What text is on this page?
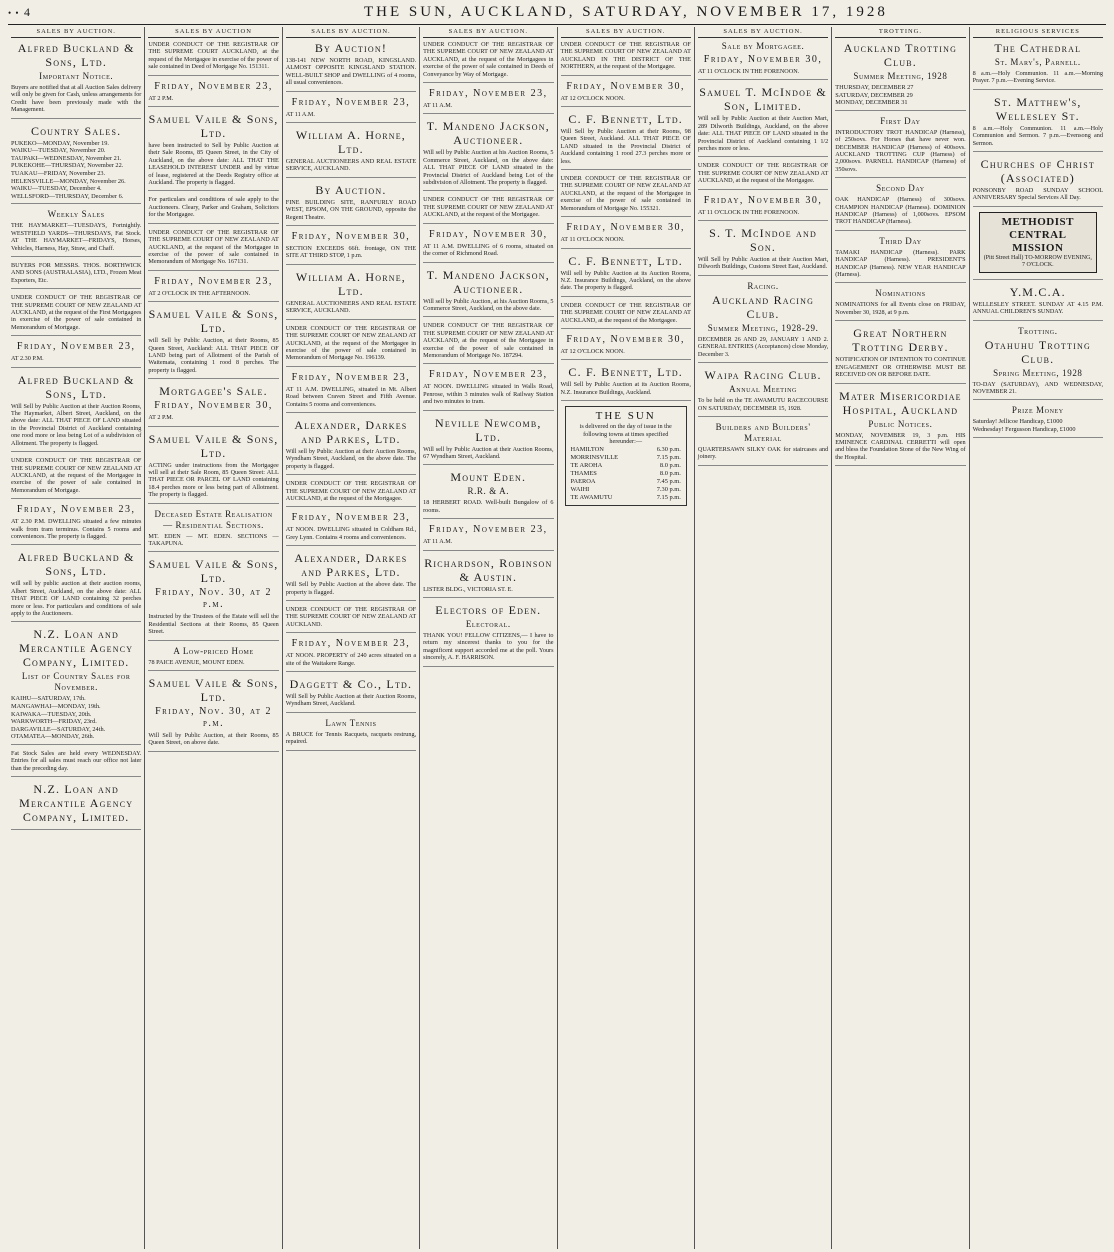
• • 4	THE SUN, AUCKLAND, SATURDAY, NOVEMBER 17, 1928
SALES BY AUCTION.
Alfred Buckland & Sons, Ltd.
Important Notice.
Buyers are notified that at all Auction Sales delivery will only be given for Cash, unless arrangements for Credit have been previously made with the Management.
Country Sales.
PUKEKO—MONDAY, November 19.
WAIKU—TUESDAY, November 20.
TAUPAKI—WEDNESDAY, November 21.
PUKEKOHE—THURSDAY, November 22.
TUAKAU—FRIDAY, November 23.
HELENSVILLE—MONDAY, November 26.
WAIKU—TUESDAY, December 4.
WELLSFORD—THURSDAY, December 6.
Weekly Sales
THE HAYMARKET—TUESDAYS, Fortnightly. WESTFIELD YARDS—THURSDAYS, Fat Stock. AT THE HAYMARKET—FRIDAYS, Horses, Vehicles, Harness, Hay, Straw, and Chaff.
BUYERS FOR MESSRS. THOS. BORTHWICK AND SONS (AUSTRALASIA), LTD., Frozen Meat Exporters, Etc.
UNDER CONDUCT OF THE REGISTRAR OF THE SUPREME COURT OF NEW ZEALAND AT AUCKLAND, at the request of the First Mortgagees in exercise of the power of sale contained in Memorandum of Mortgage.
Friday, November 23,
AT 2.30 P.M.
Alfred Buckland & Sons, Ltd.
Will Sell by Public Auction at their Auction Rooms, The Haymarket, Albert Street, Auckland, on the above date: ALL THAT PIECE OF LAND situated in the Provincial District of Auckland containing one rood more or less being Lot of a subdivision of Allotment. The property is flagged.
UNDER CONDUCT OF THE REGISTRAR OF THE SUPREME COURT OF NEW ZEALAND AT AUCKLAND, at the request of the Mortgagee in exercise of the power of sale contained in Memorandum of Mortgage.
Friday, November 23,
AT 2.30 P.M. DWELLING situated a few minutes walk from tram terminus. Contains 5 rooms and conveniences. The property is flagged.
Alfred Buckland & Sons, Ltd.
will sell by public auction at their auction rooms, Albert Street, Auckland, on the above date: ALL THAT PIECE OF LAND containing 32 perches more or less. For particulars and conditions of sale apply to the Auctioneers.
N.Z. Loan and Mercantile Agency Company, Limited.
List of Country Sales for November.
KAIHU—SATURDAY, 17th.
MANGAWHAI—MONDAY, 19th.
KAIWAKA—TUESDAY, 20th.
WARKWORTH—FRIDAY, 23rd.
DARGAVILLE—SATURDAY, 24th.
OTAMATEA—MONDAY, 26th.
Fat Stock Sales are held every WEDNESDAY. Entries for all sales must reach our office not later than the preceding day.
N.Z. Loan and Mercantile Agency Company, Limited.
SALES BY AUCTION
UNDER CONDUCT OF THE REGISTRAR OF THE SUPREME COURT AUCKLAND, at the request of the Mortgagee in exercise of the power of sale contained in Deed of Mortgage No. 151311.
Friday, November 23,
AT 2 P.M.
Samuel Vaile & Sons, Ltd.
have been instructed to Sell by Public Auction at their Sale Rooms, 85 Queen Street, in the City of Auckland, on the above date: ALL THAT THE LEASEHOLD INTEREST UNDER and by virtue of lease, registered at the Deeds Registry office at Auckland. The property is flagged.
For particulars and conditions of sale apply to the Auctioneers. Cleary, Parker and Graham, Solicitors for the Mortgagee.
UNDER CONDUCT OF THE REGISTRAR OF THE SUPREME COURT OF NEW ZEALAND AT AUCKLAND, at the request of the Mortgagee in exercise of the power of sale contained in Memorandum of Mortgage No. 167131.
Friday, November 23,
AT 2 O'CLOCK IN THE AFTERNOON.
Samuel Vaile & Sons, Ltd.
will Sell by Public Auction, at their Rooms, 85 Queen Street, Auckland: ALL THAT PIECE OF LAND being part of Allotment of the Parish of Waitemata, containing 1 rood 8 perches. The property is flagged.
Mortgagee's Sale.
Friday, November 30,
AT 2 P.M.
Samuel Vaile & Sons, Ltd.
ACTING under instructions from the Mortgagee will sell at their Sale Room, 85 Queen Street: ALL THAT PIECE OR PARCEL OF LAND containing 18.4 perches more or less being part of Allotment. The property is flagged.
Deceased Estate Realisation — Residential Sections.
MT. EDEN — MT. EDEN. SECTIONS — TAKAPUNA.
Samuel Vaile & Sons, Ltd.
Friday, Nov. 30, at 2 p.m.
Instructed by the Trustees of the Estate will sell the Residential Sections at their Rooms, 85 Queen Street.
A Low-priced Home
78 PAICE AVENUE, MOUNT EDEN.
Samuel Vaile & Sons, Ltd.
Friday, Nov. 30, at 2 p.m.
Will Sell by Public Auction, at their Rooms, 85 Queen Street, on above date.
SALES BY AUCTION.
By Auction!
138-141 NEW NORTH ROAD, KINGSLAND. ALMOST OPPOSITE KINGSLAND STATION. WELL-BUILT SHOP and DWELLING of 4 rooms, all usual conveniences.
Friday, November 23,
AT 11 A.M.
William A. Horne, Ltd.
GENERAL AUCTIONEERS AND REAL ESTATE SERVICE, AUCKLAND.
By Auction.
FINE BUILDING SITE, RANFURLY ROAD WEST, EPSOM, ON THE GROUND, opposite the Regent Theatre.
Friday, November 30,
SECTION EXCEEDS 66ft. frontage, ON THE SITE AT THIRD STOP, 1 p.m.
William A. Horne, Ltd.
GENERAL AUCTIONEERS AND REAL ESTATE SERVICE, AUCKLAND.
UNDER CONDUCT OF THE REGISTRAR OF THE SUPREME COURT OF NEW ZEALAND AT AUCKLAND, at the request of the Mortgagee in exercise of the power of sale contained in Memorandum of Mortgage No. 196139.
Friday, November 23,
AT 11 A.M. DWELLING, situated in Mt. Albert Road between Craven Street and Fifth Avenue. Contains 5 rooms and conveniences.
Alexander, Darkes and Parkes, Ltd.
Will sell by Public Auction at their Auction Rooms, Wyndham Street, Auckland, on the above date. The property is flagged.
UNDER CONDUCT OF THE REGISTRAR OF THE SUPREME COURT OF NEW ZEALAND AT AUCKLAND, at the request of the Mortgagee.
Friday, November 23,
AT NOON. DWELLING situated in Coldham Rd., Grey Lynn. Contains 4 rooms and conveniences.
Alexander, Darkes and Parkes, Ltd.
Will Sell by Public Auction at the above date. The property is flagged.
UNDER CONDUCT OF THE REGISTRAR OF THE SUPREME COURT OF NEW ZEALAND AT AUCKLAND.
Friday, November 23,
AT NOON. PROPERTY of 240 acres situated on a site of the Waitakere Range.
Daggett & Co., Ltd.
Will Sell by Public Auction at their Auction Rooms, Wyndham Street, Auckland.
Lawn Tennis
A BRUCE for Tennis Racquets, racquets restrung, repaired.
SALES BY AUCTION.
UNDER CONDUCT OF THE REGISTRAR OF THE SUPREME COURT OF NEW ZEALAND AT AUCKLAND, at the request of the Mortgagees in exercise of the power of sale contained in Deeds of Conveyance by Way of Mortgage.
Friday, November 23,
AT 11 A.M.
T. Mandeno Jackson, Auctioneer.
Will sell by Public Auction at his Auction Rooms, 5 Commerce Street, Auckland, on the above date: ALL THAT PIECE OF LAND situated in the Provincial District of Auckland being Lot of the subdivision of Allotment. The property is flagged.
UNDER CONDUCT OF THE REGISTRAR OF THE SUPREME COURT OF NEW ZEALAND AT AUCKLAND, at the request of the Mortgagee.
Friday, November 30,
AT 11 A.M. DWELLING of 6 rooms, situated on the corner of Richmond Road.
T. Mandeno Jackson, Auctioneer.
Will sell by Public Auction, at his Auction Rooms, 5 Commerce Street, Auckland, on the above date.
UNDER CONDUCT OF THE REGISTRAR OF THE SUPREME COURT OF NEW ZEALAND AT AUCKLAND, at the request of the Mortgagee in exercise of the power of sale contained in Memorandum of Mortgage No. 187294.
Friday, November 23,
AT NOON. DWELLING situated in Walls Road, Penrose, within 3 minutes walk of Railway Station and two minutes to tram.
Neville Newcomb, Ltd.
Will sell by Public Auction at their Auction Rooms, 67 Wyndham Street, Auckland.
Mount Eden.
R.R. & A.
18 HERBERT ROAD. Well-built Bungalow of 6 rooms.
Friday, November 23,
AT 11 A.M.
Richardson, Robinson & Austin.
LISTER BLDG., VICTORIA ST. E.
Electors of Eden.
Electoral.
THANK YOU! FELLOW CITIZENS,— I have to return my sincerest thanks to you for the magnificent support accorded me at the poll. Yours sincerely, A. F. HARRISON.
SALES BY AUCTION.
UNDER CONDUCT OF THE REGISTRAR OF THE SUPREME COURT OF NEW ZEALAND AT AUCKLAND IN THE DISTRICT OF THE NORTHERN, at the request of the Mortgagee.
Friday, November 30,
AT 12 O'CLOCK NOON.
C. F. Bennett, Ltd.
Will Sell by Public Auction at their Rooms, 98 Queen Street, Auckland. ALL THAT PIECE OF LAND situated in the Provincial District of Auckland containing 1 rood 27.3 perches more or less.
UNDER CONDUCT OF THE REGISTRAR OF THE SUPREME COURT OF NEW ZEALAND AT AUCKLAND, at the request of the Mortgagee in exercise of the power of sale contained in Memorandum of Mortgage No. 155321.
Friday, November 30,
AT 11 O'CLOCK NOON.
C. F. Bennett, Ltd.
Will sell by Public Auction at its Auction Rooms, N.Z. Insurance Buildings, Auckland, on the above date. The property is flagged.
UNDER CONDUCT OF THE REGISTRAR OF THE SUPREME COURT OF NEW ZEALAND AT AUCKLAND, at the request of the Mortgagee.
Friday, November 30,
AT 12 O'CLOCK NOON.
C. F. Bennett, Ltd.
Will Sell by Public Auction at its Auction Rooms, N.Z. Insurance Buildings, Auckland.
THE SUN
is delivered on the day of issue in the following towns at times specified hereunder:—
HAMILTON	6.30 p.m.
MORRINSVILLE	7.15 p.m.
TE AROHA	8.0 p.m.
THAMES	8.0 p.m.
PAEROA	7.45 p.m.
WAIHI	7.30 p.m.
TE AWAMUTU	7.15 p.m.
SALES BY AUCTION.
Sale by Mortgagee.
Friday, November 30,
AT 11 O'CLOCK IN THE FORENOON.
Samuel T. McIndoe & Son, Limited.
Will sell by Public Auction at their Auction Mart, 289 Dilworth Buildings, Auckland, on the above date: ALL THAT PIECE OF LAND situated in the Provincial District of Auckland containing 1 1/2 perches more or less.
UNDER CONDUCT OF THE REGISTRAR OF THE SUPREME COURT OF NEW ZEALAND AT AUCKLAND, at the request of the Mortgagee.
Friday, November 30,
AT 11 O'CLOCK IN THE FORENOON.
S. T. McIndoe and Son.
Will Sell by Public Auction at their Auction Mart, Dilworth Buildings, Customs Street East, Auckland.
Racing.
Auckland Racing Club.
Summer Meeting, 1928-29.
DECEMBER 26 AND 29, JANUARY 1 AND 2. GENERAL ENTRIES (Acceptances) close Monday, December 3.
Waipa Racing Club.
Annual Meeting
To be held on the TE AWAMUTU RACECOURSE ON SATURDAY, DECEMBER 15, 1928.
Builders and Builders' Material
QUARTERSAWN SILKY OAK for staircases and joinery.
TROTTING.
Auckland Trotting Club.
Summer Meeting, 1928
THURSDAY, DECEMBER 27
SATURDAY, DECEMBER 29
MONDAY, DECEMBER 31
First Day
INTRODUCTORY TROT HANDICAP (Harness), of 250sovs. For Horses that have never won. DECEMBER HANDICAP (Harness) of 400sovs. AUCKLAND TROTTING CUP (Harness) of 2,000sovs. PARNELL HANDICAP (Harness) of 350sovs.
Second Day
OAK HANDICAP (Harness) of 300sovs. CHAMPION HANDICAP (Harness). DOMINION HANDICAP (Harness) of 1,000sovs. EPSOM TROT HANDICAP (Harness).
Third Day
TAMAKI HANDICAP (Harness). PARK HANDICAP (Harness). PRESIDENT'S HANDICAP (Harness). NEW YEAR HANDICAP (Harness).
Nominations
NOMINATIONS for all Events close on FRIDAY, November 30, 1928, at 9 p.m.
Great Northern Trotting Derby.
NOTIFICATION OF INTENTION TO CONTINUE ENGAGEMENT OR OTHERWISE MUST BE RECEIVED ON OR BEFORE DATE.
Mater Misericordiae Hospital, Auckland
Public Notices.
MONDAY, NOVEMBER 19, 3 p.m. HIS EMINENCE CARDINAL CERRETTI will open and bless the Foundation Stone of the New Wing of the Hospital.
RELIGIOUS SERVICES
The Cathedral
St. Mary's, Parnell.
8 a.m.—Holy Communion. 11 a.m.—Morning Prayer. 7 p.m.—Evening Service.
St. Matthew's, Wellesley St.
8 a.m.—Holy Communion. 11 a.m.—Holy Communion and Sermon. 7 p.m.—Evensong and Sermon.
Churches of Christ (Associated)
PONSONBY ROAD SUNDAY SCHOOL ANNIVERSARY Special Services All Day.
METHODIST CENTRAL MISSION
(Pitt Street Hall) TO-MORROW EVENING, 7 O'CLOCK.
Y.M.C.A.
WELLESLEY STREET. SUNDAY AT 4.15 P.M. ANNUAL CHILDREN'S SUNDAY.
Trotting.
Otahuhu Trotting Club.
Spring Meeting, 1928
TO-DAY (SATURDAY), AND WEDNESDAY, NOVEMBER 21.
Prize Money
Saturday! Jellicoe Handicap, £1000
Wednesday! Fergusson Handicap, £1000
